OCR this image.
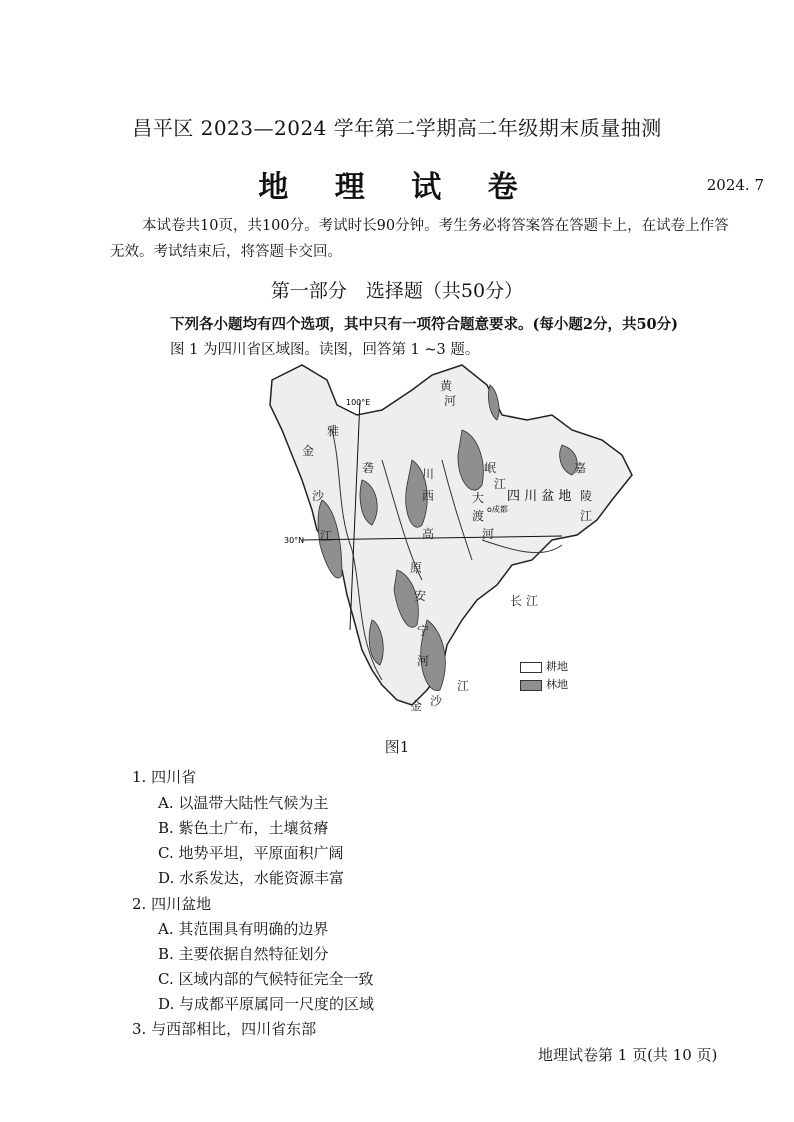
昌平区 2023—2024 学年第二学期高二年级期末质量抽测
地 理 试 卷	2024. 7
本试卷共10页，共100分。考试时长90分钟。考生务必将答案答在答题卡上，在试卷上作答无效。考试结束后，将答题卡交回。
第一部分　选择题（共50分）
下列各小题均有四个选项，其中只有一项符合题意要求。(每小题2分，共50分)
图 1 为四川省区域图。读图，回答第 1 ~3 题。
100°E
30°N
o成都
四 川 盆 地
黄
河
雅
金
沙
江
砻	岷
江
嘉
陵
江
大
渡
河
川
西
高
原
长 江
金 沙
江
安
宁
河	耕地
林地
图1
1. 四川省
A. 以温带大陆性气候为主
B. 紫色土广布，土壤贫瘠
C. 地势平坦，平原面积广阔
D. 水系发达，水能资源丰富
2. 四川盆地
A. 其范围具有明确的边界
B. 主要依据自然特征划分
C. 区域内部的气候特征完全一致
D. 与成都平原属同一尺度的区域
3. 与西部相比，四川省东部
地理试卷第 1 页(共 10 页)
